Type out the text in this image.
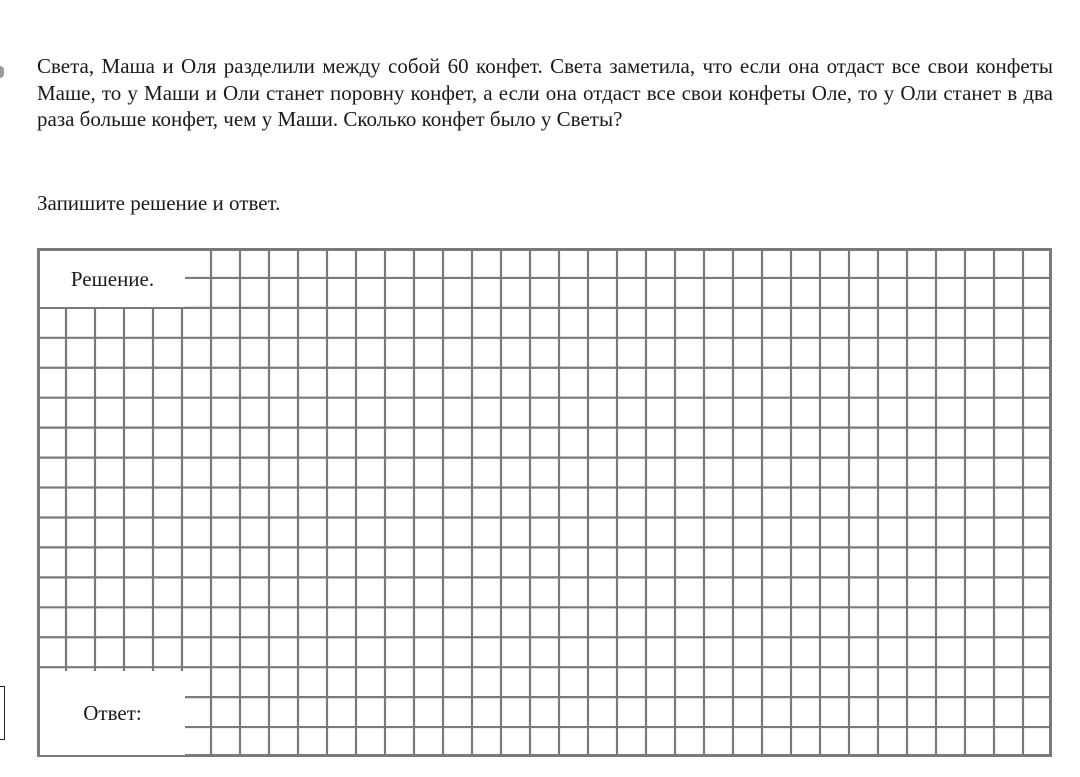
Света, Маша и Оля разделили между собой 60 конфет. Света заметила, что если она отдаст все свои конфеты Маше, то у Маши и Оли станет поровну конфет, а если она отдаст все свои конфеты Оле, то у Оли станет в два раза больше конфет, чем у Маши. Сколько конфет было у Светы?

Запишите решение и ответ.

Решение.
Ответ:
